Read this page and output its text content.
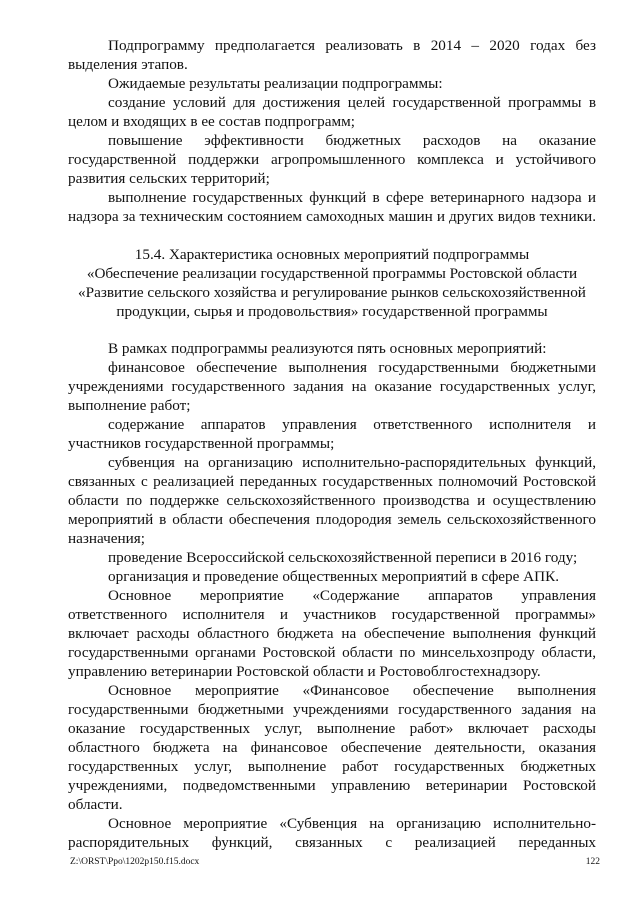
Подпрограмму предполагается реализовать в 2014 – 2020 годах без
выделения этапов.
Ожидаемые результаты реализации подпрограммы:
создание условий для достижения целей государственной программы в
целом и входящих в ее состав подпрограмм;
повышение эффективности бюджетных расходов на оказание
государственной поддержки агропромышленного комплекса и устойчивого
развития сельских территорий;
выполнение государственных функций в сфере ветеринарного надзора и
надзора за техническим состоянием самоходных машин и других видов техники.
15.4. Характеристика основных мероприятий подпрограммы
«Обеспечение реализации государственной программы Ростовской области
«Развитие сельского хозяйства и регулирование рынков сельскохозяйственной
продукции, сырья и продовольствия» государственной программы
В рамках подпрограммы реализуются пять основных мероприятий:
финансовое обеспечение выполнения государственными бюджетными
учреждениями государственного задания на оказание государственных услуг,
выполнение работ;
содержание аппаратов управления ответственного исполнителя и
участников государственной программы;
субвенция на организацию исполнительно-распорядительных функций,
связанных с реализацией переданных государственных полномочий Ростовской
области по поддержке сельскохозяйственного производства и осуществлению
мероприятий в области обеспечения плодородия земель сельскохозяйственного
назначения;
проведение Всероссийской сельскохозяйственной переписи в 2016 году;
организация и проведение общественных мероприятий в сфере АПК.
Основное мероприятие «Содержание аппаратов управления
ответственного исполнителя и участников государственной программы»
включает расходы областного бюджета на обеспечение выполнения функций
государственными органами Ростовской области по минсельхозпроду области,
управлению ветеринарии Ростовской области и Ростовоблгостехнадзору.
Основное мероприятие «Финансовое обеспечение выполнения
государственными бюджетными учреждениями государственного задания на
оказание государственных услуг, выполнение работ» включает расходы
областного бюджета на финансовое обеспечение деятельности, оказания
государственных услуг, выполнение работ государственных бюджетных
учреждениями, подведомственными управлению ветеринарии Ростовской
области.
Основное мероприятие «Субвенция на организацию исполнительно-
распорядительных функций, связанных с реализацией переданных
Z:\ORST\Ppo\1202p150.f15.docx	122
